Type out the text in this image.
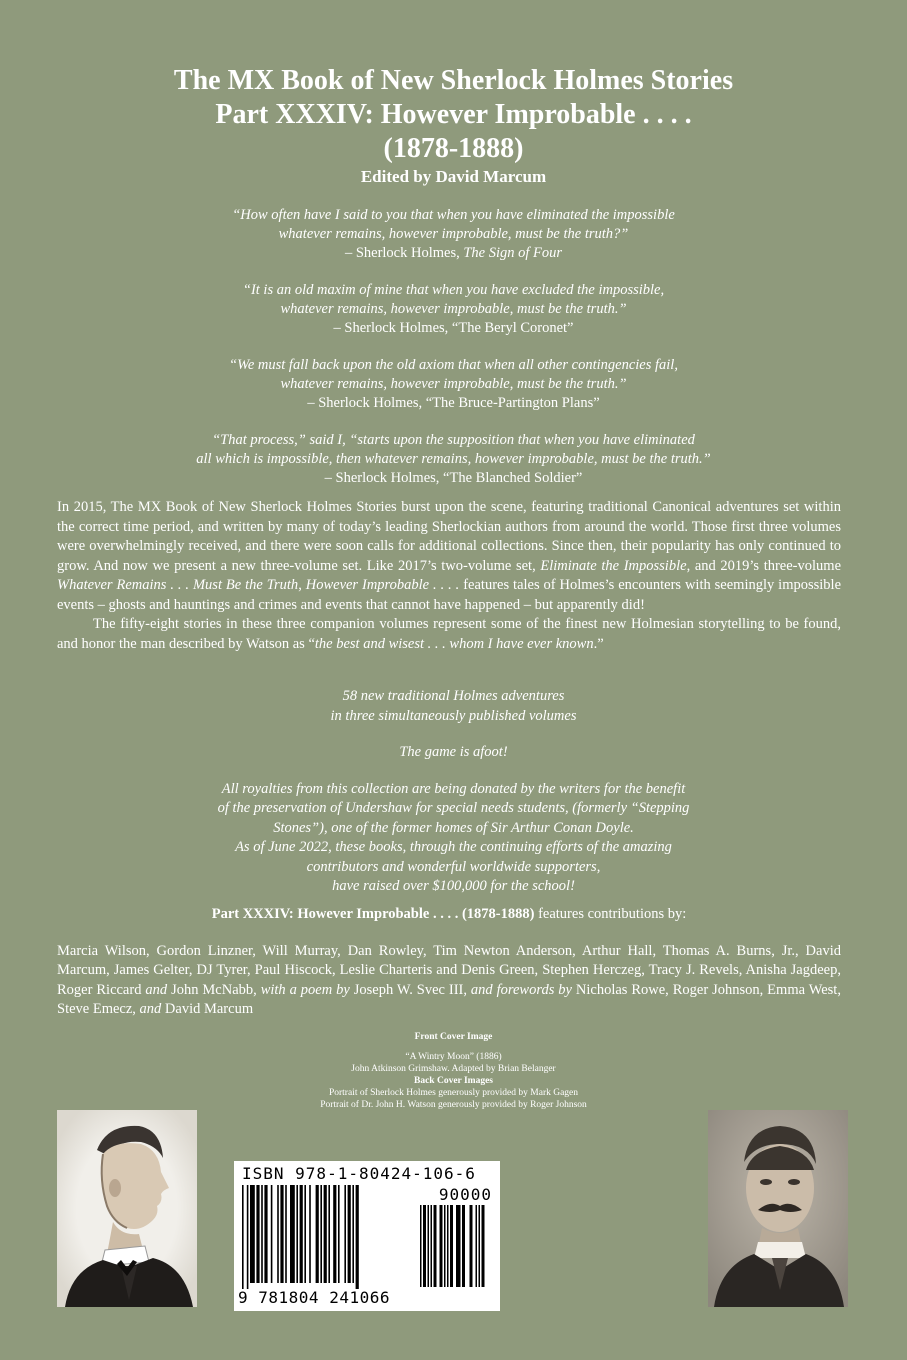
The MX Book of New Sherlock Holmes Stories
Part XXXIV: However Improbable . . . .
(1878-1888)
Edited by David Marcum
“How often have I said to you that when you have eliminated the impossible
whatever remains, however improbable, must be the truth?”
– Sherlock Holmes, The Sign of Four
“It is an old maxim of mine that when you have excluded the impossible,
whatever remains, however improbable, must be the truth.”
– Sherlock Holmes, “The Beryl Coronet”
“We must fall back upon the old axiom that when all other contingencies fail,
whatever remains, however improbable, must be the truth.”
– Sherlock Holmes, “The Bruce-Partington Plans”
“That process,” said I, “starts upon the supposition that when you have eliminated
all which is impossible, then whatever remains, however improbable, must be the truth.”
– Sherlock Holmes, “The Blanched Soldier”

In 2015, The MX Book of New Sherlock Holmes Stories burst upon the scene, featuring traditional Canonical adventures set within the correct time period, and written by many of today’s leading Sherlockian authors from around the world. Those first three volumes were overwhelmingly received, and there were soon calls for additional collections. Since then, their popularity has only continued to grow. And now we present a new three-volume set. Like 2017’s two-volume set, Eliminate the Impossible, and 2019’s three-volume Whatever Remains . . . Must Be the Truth, However Improbable . . . . features tales of Holmes’s encounters with seemingly impossible events – ghosts and hauntings and crimes and events that cannot have happened – but apparently did!

The fifty-eight stories in these three companion volumes represent some of the finest new Holmesian storytelling to be found, and honor the man described by Watson as “the best and wisest . . . whom I have ever known.”

58 new traditional Holmes adventures
in three simultaneously published volumes
The game is afoot!
All royalties from this collection are being donated by the writers for the benefit
of the preservation of Undershaw for special needs students, (formerly “Stepping
Stones”), one of the former homes of Sir Arthur Conan Doyle.
As of June 2022, these books, through the continuing efforts of the amazing
contributors and wonderful worldwide supporters,
have raised over $100,000 for the school!
Part XXXIV: However Improbable . . . . (1878-1888) features contributions by:
Marcia Wilson, Gordon Linzner, Will Murray, Dan Rowley, Tim Newton Anderson, Arthur Hall, Thomas A. Burns, Jr., David Marcum, James Gelter, DJ Tyrer, Paul Hiscock, Leslie Charteris and Denis Green, Stephen Herczeg, Tracy J. Revels, Anisha Jagdeep, Roger Riccard and John McNabb, with a poem by Joseph W. Svec III, and forewords by Nicholas Rowe, Roger Johnson, Emma West, Steve Emecz, and David Marcum
Front Cover Image
“A Wintry Moon” (1886)
John Atkinson Grimshaw. Adapted by Brian Belanger
Back Cover Images
Portrait of Sherlock Holmes generously provided by Mark Gagen
Portrait of Dr. John H. Watson generously provided by Roger Johnson
ISBN 978-1-80424-106-6
90000
9 781804 241066
